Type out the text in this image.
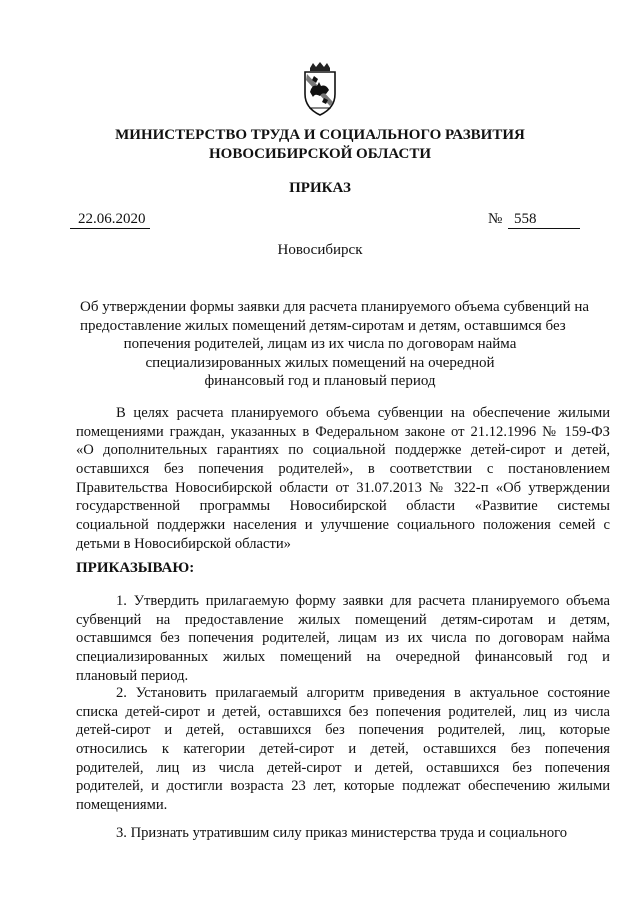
МИНИСТЕРСТВО ТРУДА И СОЦИАЛЬНОГО РАЗВИТИЯ
НОВОСИБИРСКОЙ ОБЛАСТИ
ПРИКАЗ
22.06.2020	№ 558
Новосибирск
Об утверждении формы заявки для расчета планируемого объема субвенций на
предоставление жилых помещений детям-сиротам и детям, оставшимся без
попечения родителей, лицам из их числа по договорам найма
специализированных жилых помещений на очередной
финансовый год и плановый период
В целях расчета планируемого объема субвенции на обеспечение жилыми
помещениями граждан, указанных в Федеральном законе от 21.12.1996 № 159-ФЗ
«О дополнительных гарантиях по социальной поддержке детей-сирот и детей,
оставшихся без попечения родителей», в соответствии с постановлением
Правительства Новосибирской области от 31.07.2013 № 322-п «Об утверждении
государственной программы Новосибирской области «Развитие системы
социальной поддержки населения и улучшение социального положения семей с
детьми в Новосибирской области»
ПРИКАЗЫВАЮ:
1. Утвердить прилагаемую форму заявки для расчета планируемого объема
субвенций на предоставление жилых помещений детям-сиротам и детям,
оставшимся без попечения родителей, лицам из их числа по договорам найма
специализированных жилых помещений на очередной финансовый год и
плановый период.
2. Установить прилагаемый алгоритм приведения в актуальное состояние
списка детей-сирот и детей, оставшихся без попечения родителей, лиц из числа
детей-сирот и детей, оставшихся без попечения родителей, лиц, которые
относились к категории детей-сирот и детей, оставшихся без попечения
родителей, лиц из числа детей-сирот и детей, оставшихся без попечения
родителей, и достигли возраста 23 лет, которые подлежат обеспечению жилыми
помещениями.
3. Признать утратившим силу приказ министерства труда и социального
